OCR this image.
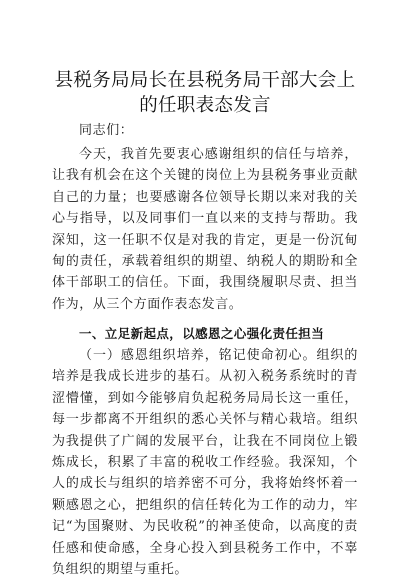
县税务局局长在县税务局干部大会上的任职表态发言
同志们：

今天，我首先要衷心感谢组织的信任与培养，让我有机会在这个关键的岗位上为县税务事业贡献自己的力量；也要感谢各位领导长期以来对我的关心与指导，以及同事们一直以来的支持与帮助。我深知，这一任职不仅是对我的肯定，更是一份沉甸甸的责任，承载着组织的期望、纳税人的期盼和全体干部职工的信任。下面，我围绕履职尽责、担当作为，从三个方面作表态发言。

一、立足新起点，以感恩之心强化责任担当

（一）感恩组织培养，铭记使命初心。组织的培养是我成长进步的基石。从初入税务系统时的青涩懵懂，到如今能够肩负起税务局局长这一重任，每一步都离不开组织的悉心关怀与精心栽培。组织为我提供了广阔的发展平台，让我在不同岗位上锻炼成长，积累了丰富的税收工作经验。我深知，个人的成长与组织的培养密不可分，我将始终怀着一颗感恩之心，把组织的信任转化为工作的动力，牢记“为国聚财、为民收税”的神圣使命，以高度的责任感和使命感，全身心投入到县税务工作中，不辜负组织的期望与重托。
